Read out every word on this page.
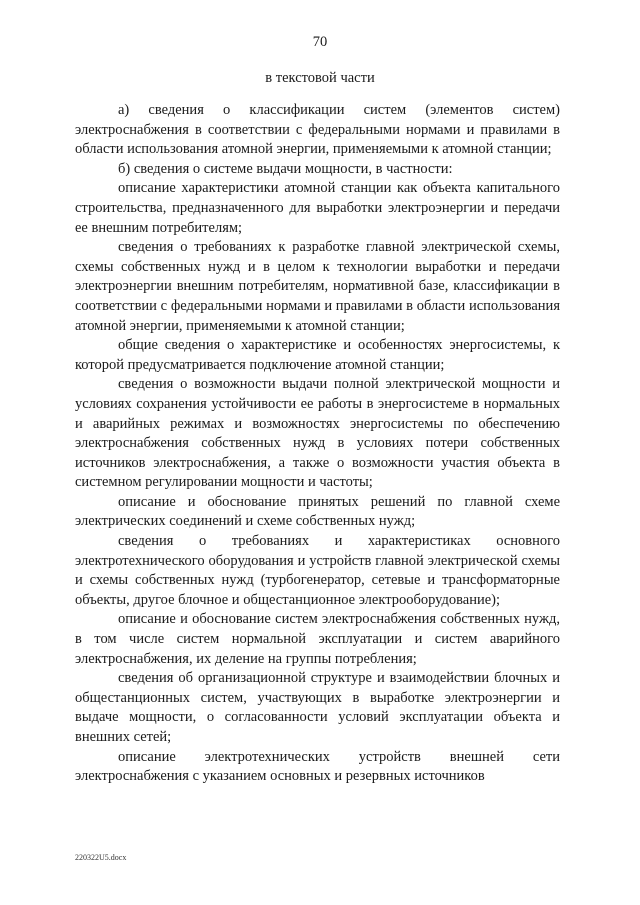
70
в текстовой части

а) сведения о классификации систем (элементов систем) электроснабжения в соответствии с федеральными нормами и правилами в области использования атомной энергии, применяемыми к атомной станции;

б) сведения о системе выдачи мощности, в частности:

описание характеристики атомной станции как объекта капитального строительства, предназначенного для выработки электроэнергии и передачи ее внешним потребителям;

сведения о требованиях к разработке главной электрической схемы, схемы собственных нужд и в целом к технологии выработки и передачи электроэнергии внешним потребителям, нормативной базе, классификации в соответствии с федеральными нормами и правилами в области использования атомной энергии, применяемыми к атомной станции;

общие сведения о характеристике и особенностях энергосистемы, к которой предусматривается подключение атомной станции;

сведения о возможности выдачи полной электрической мощности и условиях сохранения устойчивости ее работы в энергосистеме в нормальных и аварийных режимах и возможностях энергосистемы по обеспечению электроснабжения собственных нужд в условиях потери собственных источников электроснабжения, а также о возможности участия объекта в системном регулировании мощности и частоты;

описание и обоснование принятых решений по главной схеме электрических соединений и схеме собственных нужд;

сведения о требованиях и характеристиках основного электротехнического оборудования и устройств главной электрической схемы и схемы собственных нужд (турбогенератор, сетевые и трансформаторные объекты, другое блочное и общестанционное электрооборудование);

описание и обоснование систем электроснабжения собственных нужд, в том числе систем нормальной эксплуатации и систем аварийного электроснабжения, их деление на группы потребления;

сведения об организационной структуре и взаимодействии блочных и общестанционных систем, участвующих в выработке электроэнергии и выдаче мощности, о согласованности условий эксплуатации объекта и внешних сетей;

описание электротехнических устройств внешней сети электроснабжения с указанием основных и резервных источников

220322U5.docx
